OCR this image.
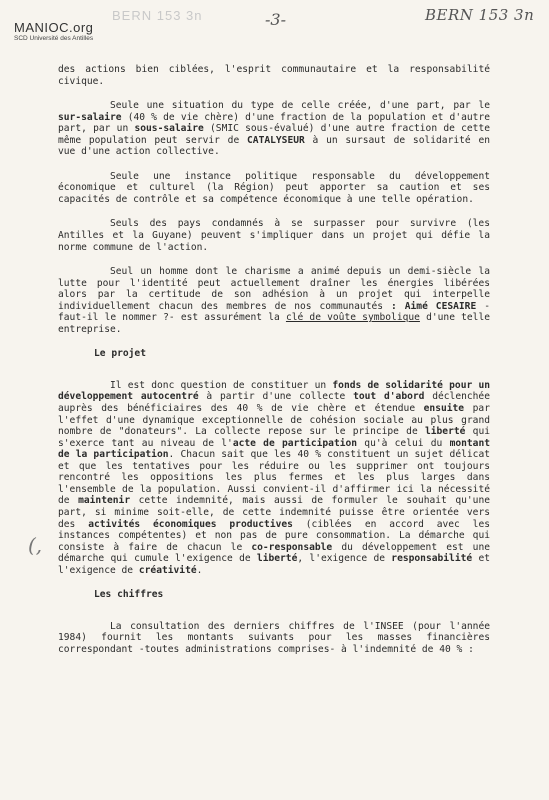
MANIOC.org
SCD Université des Antilles
BERN 153 3n	-3-	BERN 153 3n
(,

des actions bien ciblées, l'esprit communautaire et la responsabilité civique.

Seule une situation du type de celle créée, d'une part, par le sur-salaire (40 % de vie chère) d'une fraction de la population et d'autre part, par un sous-salaire (SMIC sous-évalué) d'une autre fraction de cette même population peut servir de CATALYSEUR à un sursaut de solidarité en vue d'une action collective.

Seule une instance politique responsable du développement économique et culturel (la Région) peut apporter sa caution et ses capacités de contrôle et sa compétence économique à une telle opération.

Seuls des pays condamnés à se surpasser pour survivre (les Antilles et la Guyane) peuvent s'impliquer dans un projet qui défie la norme commune de l'action.

Seul un homme dont le charisme a animé depuis un demi-siècle la lutte pour l'identité peut actuellement draîner les énergies libérées alors par la certitude de son adhésion à un projet qui interpelle individuellement chacun des membres de nos communautés : Aimé CESAIRE -faut-il le nommer ?- est assurément la clé de voûte symbolique d'une telle entreprise.

Le projet

Il est donc question de constituer un fonds de solidarité pour un développement autocentré à partir d'une collecte tout d'abord déclenchée auprès des bénéficiaires des 40 % de vie chère et étendue ensuite par l'effet d'une dynamique exceptionnelle de cohésion sociale au plus grand nombre de "donateurs". La collecte repose sur le principe de liberté qui s'exerce tant au niveau de l'acte de participation qu'à celui du montant de la participation. Chacun sait que les 40 % constituent un sujet délicat et que les tentatives pour les réduire ou les supprimer ont toujours rencontré les oppositions les plus fermes et les plus larges dans l'ensemble de la population. Aussi convient-il d'affirmer ici la nécessité de maintenir cette indemnité, mais aussi de formuler le souhait qu'une part, si minime soit-elle, de cette indemnité puisse être orientée vers des activités économiques productives (ciblées en accord avec les instances compétentes) et non pas de pure consommation. La démarche qui consiste à faire de chacun le co-responsable du développement est une démarche qui cumule l'exigence de liberté, l'exigence de responsabilité et l'exigence de créativité.

Les chiffres

La consultation des derniers chiffres de l'INSEE (pour l'année 1984) fournit les montants suivants pour les masses financières correspondant -toutes administrations comprises- à l'indemnité de 40 % :
